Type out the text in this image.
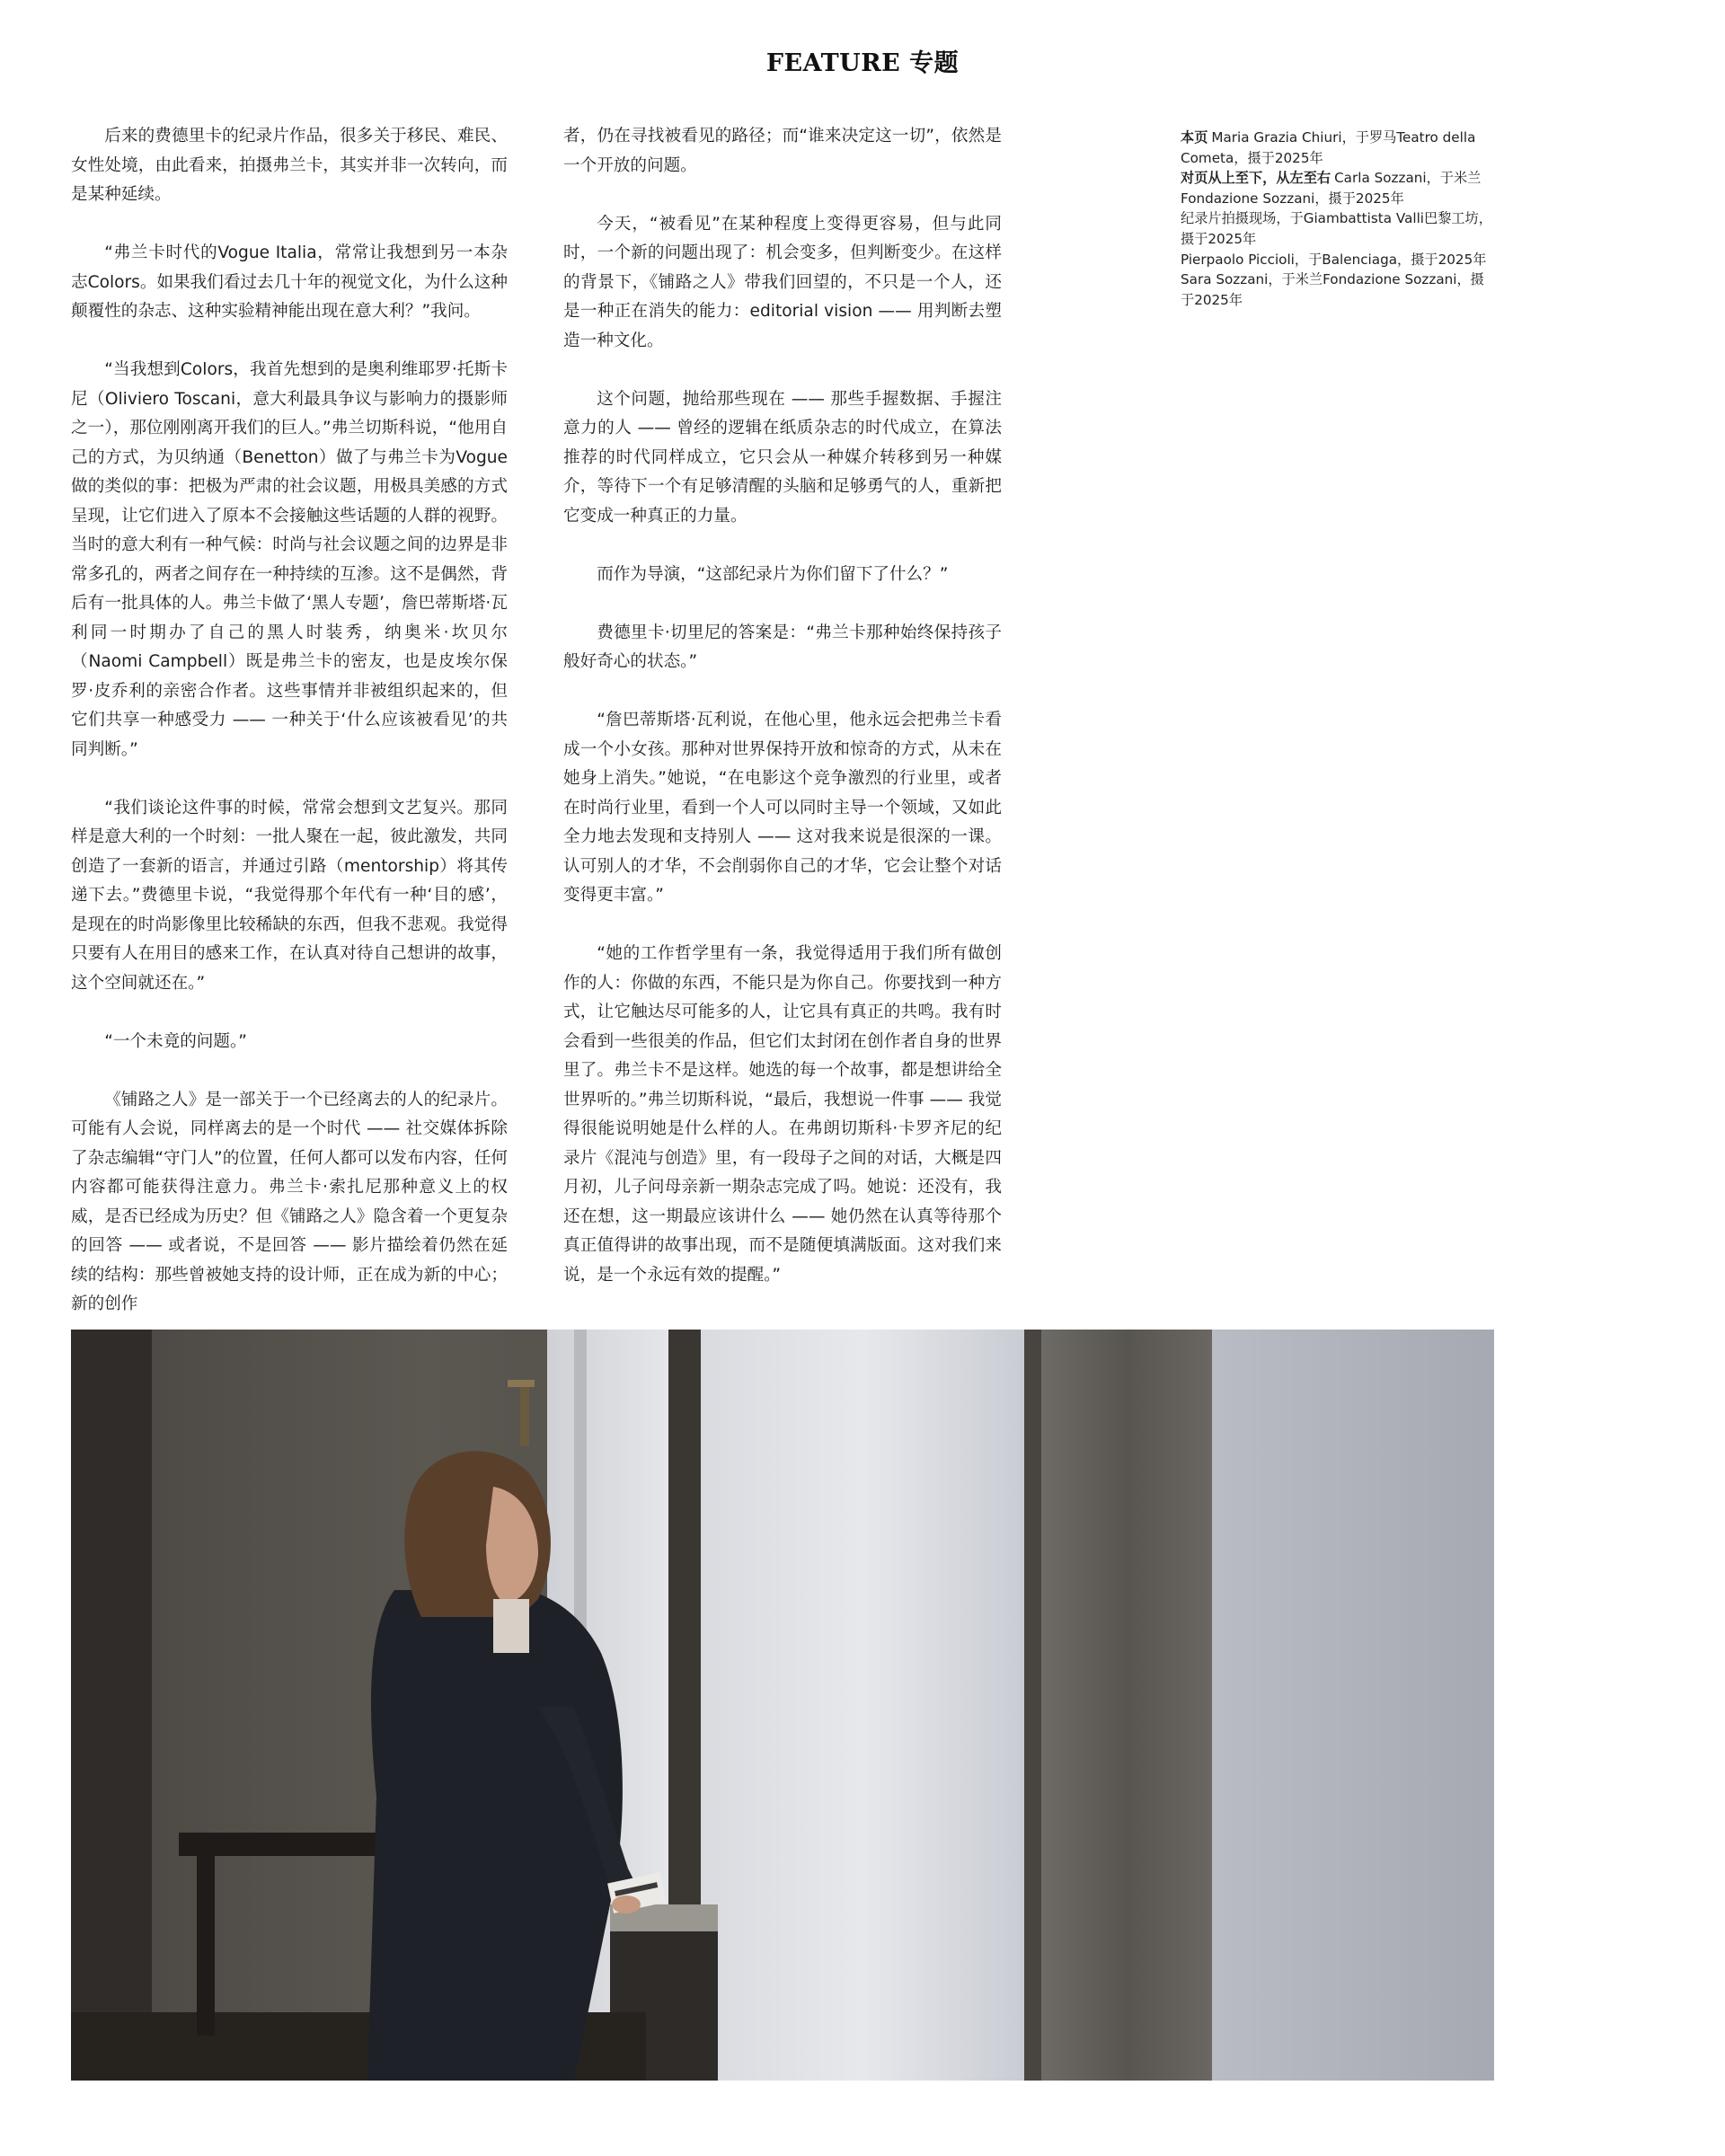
FEATURE 专题

后来的费德里卡的纪录片作品，很多关于移民、难民、女性处境，由此看来，拍摄弗兰卡，其实并非一次转向，而是某种延续。

“弗兰卡时代的Vogue Italia，常常让我想到另一本杂志Colors。如果我们看过去几十年的视觉文化，为什么这种颠覆性的杂志、这种实验精神能出现在意大利？”我问。

“当我想到Colors，我首先想到的是奥利维耶罗·托斯卡尼（Oliviero Toscani，意大利最具争议与影响力的摄影师之一），那位刚刚离开我们的巨人。”弗兰切斯科说，“他用自己的方式，为贝纳通（Benetton）做了与弗兰卡为Vogue做的类似的事：把极为严肃的社会议题，用极具美感的方式呈现，让它们进入了原本不会接触这些话题的人群的视野。当时的意大利有一种气候：时尚与社会议题之间的边界是非常多孔的，两者之间存在一种持续的互渗。这不是偶然，背后有一批具体的人。弗兰卡做了‘黑人专题’，詹巴蒂斯塔·瓦利同一时期办了自己的黑人时装秀，纳奥米·坎贝尔（Naomi Campbell）既是弗兰卡的密友，也是皮埃尔保罗·皮乔利的亲密合作者。这些事情并非被组织起来的，但它们共享一种感受力 —— 一种关于‘什么应该被看见’的共同判断。”

“我们谈论这件事的时候，常常会想到文艺复兴。那同样是意大利的一个时刻：一批人聚在一起，彼此激发，共同创造了一套新的语言，并通过引路（mentorship）将其传递下去。”费德里卡说，“我觉得那个年代有一种‘目的感’，是现在的时尚影像里比较稀缺的东西，但我不悲观。我觉得只要有人在用目的感来工作，在认真对待自己想讲的故事，这个空间就还在。”

“一个未竟的问题。”

《铺路之人》是一部关于一个已经离去的人的纪录片。可能有人会说，同样离去的是一个时代 —— 社交媒体拆除了杂志编辑“守门人”的位置，任何人都可以发布内容，任何内容都可能获得注意力。弗兰卡·索扎尼那种意义上的权威，是否已经成为历史？但《铺路之人》隐含着一个更复杂的回答 —— 或者说，不是回答 —— 影片描绘着仍然在延续的结构：那些曾被她支持的设计师，正在成为新的中心；新的创作

者，仍在寻找被看见的路径；而“谁来决定这一切”，依然是一个开放的问题。

今天，“被看见”在某种程度上变得更容易，但与此同时，一个新的问题出现了：机会变多，但判断变少。在这样的背景下，《铺路之人》带我们回望的，不只是一个人，还是一种正在消失的能力：editorial vision —— 用判断去塑造一种文化。

这个问题，抛给那些现在 —— 那些手握数据、手握注意力的人 —— 曾经的逻辑在纸质杂志的时代成立，在算法推荐的时代同样成立，它只会从一种媒介转移到另一种媒介，等待下一个有足够清醒的头脑和足够勇气的人，重新把它变成一种真正的力量。

而作为导演，“这部纪录片为你们留下了什么？”

费德里卡·切里尼的答案是：“弗兰卡那种始终保持孩子般好奇心的状态。”

“詹巴蒂斯塔·瓦利说，在他心里，他永远会把弗兰卡看成一个小女孩。那种对世界保持开放和惊奇的方式，从未在她身上消失。”她说，“在电影这个竞争激烈的行业里，或者在时尚行业里，看到一个人可以同时主导一个领域，又如此全力地去发现和支持别人 —— 这对我来说是很深的一课。认可别人的才华，不会削弱你自己的才华，它会让整个对话变得更丰富。”

“她的工作哲学里有一条，我觉得适用于我们所有做创作的人：你做的东西，不能只是为你自己。你要找到一种方式，让它触达尽可能多的人，让它具有真正的共鸣。我有时会看到一些很美的作品，但它们太封闭在创作者自身的世界里了。弗兰卡不是这样。她选的每一个故事，都是想讲给全世界听的。”弗兰切斯科说，“最后，我想说一件事 —— 我觉得很能说明她是什么样的人。在弗朗切斯科·卡罗齐尼的纪录片《混沌与创造》里，有一段母子之间的对话，大概是四月初，儿子问母亲新一期杂志完成了吗。她说：还没有，我还在想，这一期最应该讲什么 —— 她仍然在认真等待那个真正值得讲的故事出现，而不是随便填满版面。这对我们来说，是一个永远有效的提醒。”

本页 Maria Grazia Chiuri，于罗马Teatro della Cometa，摄于2025年
对页从上至下，从左至右 Carla Sozzani，于米兰Fondazione Sozzani，摄于2025年
纪录片拍摄现场，于Giambattista Valli巴黎工坊，摄于2025年
Pierpaolo Piccioli，于Balenciaga，摄于2025年
Sara Sozzani，于米兰Fondazione Sozzani，摄于2025年
